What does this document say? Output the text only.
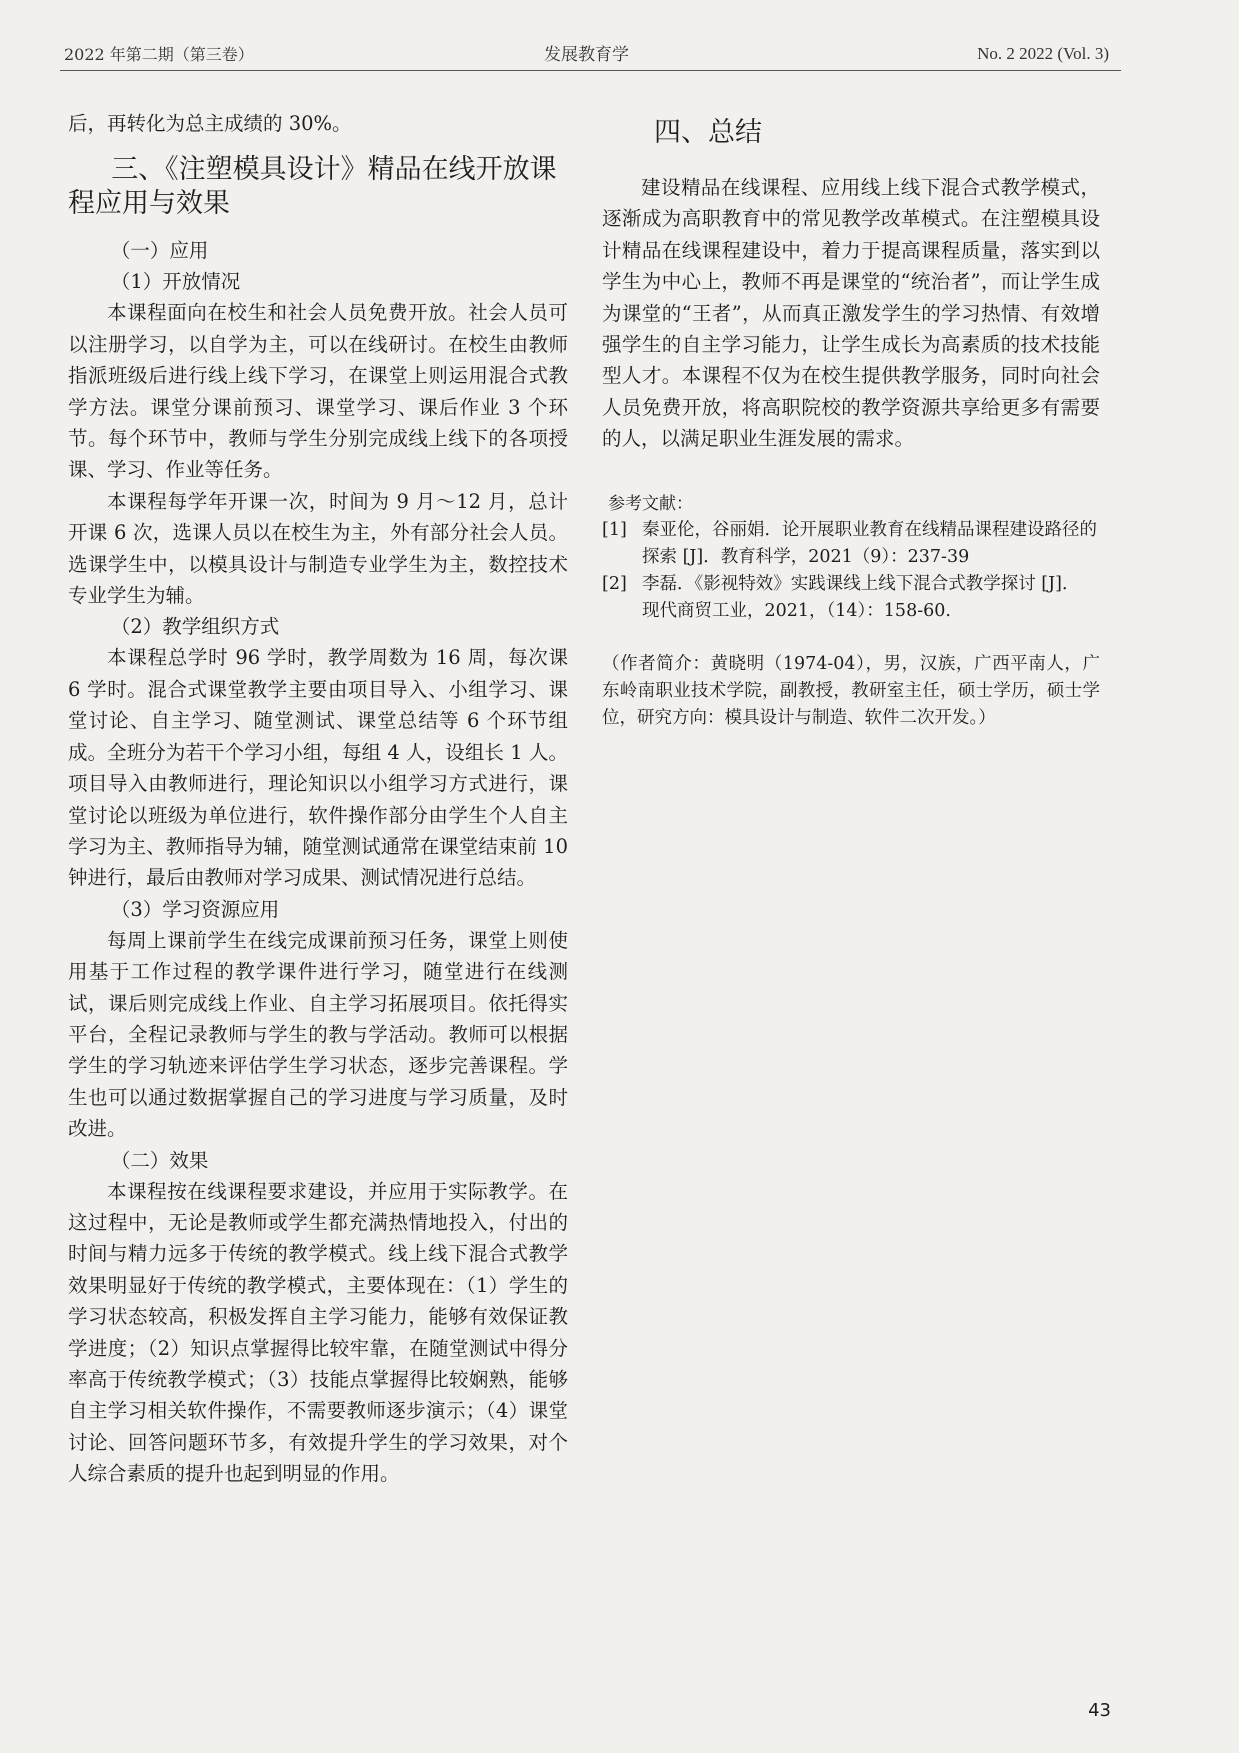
2022 年第二期（第三卷）	发展教育学	No. 2 2022 (Vol. 3)

后，再转化为总主成绩的 30%。

三、《注塑模具设计》精品在线开放课程应用与效果
（一）应用
（1）开放情况

本课程面向在校生和社会人员免费开放。社会人员可以注册学习，以自学为主，可以在线研讨。在校生由教师指派班级后进行线上线下学习，在课堂上则运用混合式教学方法。课堂分课前预习、课堂学习、课后作业 3 个环节。每个环节中，教师与学生分别完成线上线下的各项授课、学习、作业等任务。

本课程每学年开课一次，时间为 9 月～12 月，总计开课 6 次，选课人员以在校生为主，外有部分社会人员。选课学生中，以模具设计与制造专业学生为主，数控技术专业学生为辅。

（2）教学组织方式

本课程总学时 96 学时，教学周数为 16 周，每次课 6 学时。混合式课堂教学主要由项目导入、小组学习、课堂讨论、自主学习、随堂测试、课堂总结等 6 个环节组成。全班分为若干个学习小组，每组 4 人，设组长 1 人。项目导入由教师进行，理论知识以小组学习方式进行，课堂讨论以班级为单位进行，软件操作部分由学生个人自主学习为主、教师指导为辅，随堂测试通常在课堂结束前 10 钟进行，最后由教师对学习成果、测试情况进行总结。

（3）学习资源应用

每周上课前学生在线完成课前预习任务，课堂上则使用基于工作过程的教学课件进行学习，随堂进行在线测试，课后则完成线上作业、自主学习拓展项目。依托得实平台，全程记录教师与学生的教与学活动。教师可以根据学生的学习轨迹来评估学生学习状态，逐步完善课程。学生也可以通过数据掌握自己的学习进度与学习质量，及时改进。

（二）效果

本课程按在线课程要求建设，并应用于实际教学。在这过程中，无论是教师或学生都充满热情地投入，付出的时间与精力远多于传统的教学模式。线上线下混合式教学效果明显好于传统的教学模式，主要体现在：（1）学生的学习状态较高，积极发挥自主学习能力，能够有效保证教学进度；（2）知识点掌握得比较牢靠，在随堂测试中得分率高于传统教学模式；（3）技能点掌握得比较娴熟，能够自主学习相关软件操作，不需要教师逐步演示；（4）课堂讨论、回答问题环节多，有效提升学生的学习效果，对个人综合素质的提升也起到明显的作用。

四、总结

建设精品在线课程、应用线上线下混合式教学模式，逐渐成为高职教育中的常见教学改革模式。在注塑模具设计精品在线课程建设中，着力于提高课程质量，落实到以学生为中心上，教师不再是课堂的“统治者”，而让学生成为课堂的“王者”，从而真正激发学生的学习热情、有效增强学生的自主学习能力，让学生成长为高素质的技术技能型人才。本课程不仅为在校生提供教学服务，同时向社会人员免费开放，将高职院校的教学资源共享给更多有需要的人，以满足职业生涯发展的需求。

参考文献：
[1] 秦亚伦，谷丽娟．论开展职业教育在线精品课程建设路径的探索 [J]．教育科学，2021（9）：237-39
[2] 李磊．《影视特效》实践课线上线下混合式教学探讨 [J]． 现代商贸工业，2021，（14）：158-60.
（作者简介：黄晓明（1974-04），男，汉族，广西平南人，广东岭南职业技术学院，副教授，教研室主任，硕士学历，硕士学位，研究方向：模具设计与制造、软件二次开发。）
43
